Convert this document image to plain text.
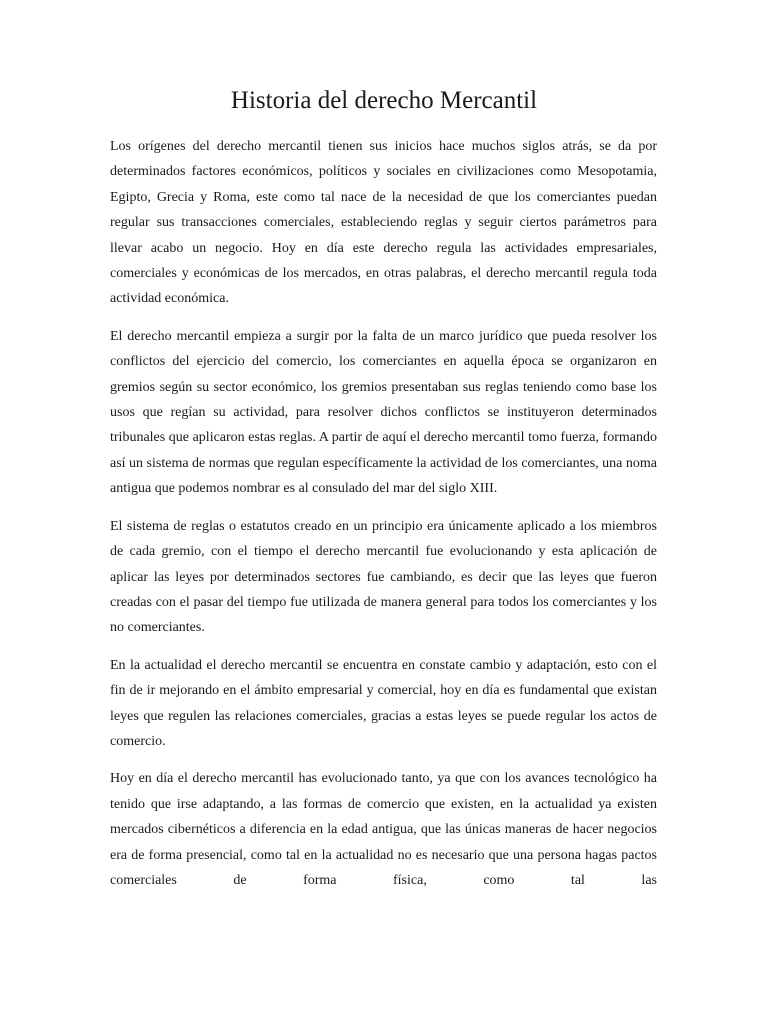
Historia del derecho Mercantil

Los orígenes del derecho mercantil tienen sus inicios hace muchos siglos atrás, se da por determinados factores económicos, políticos y sociales en civilizaciones como Mesopotamia, Egipto, Grecia y Roma, este como tal nace de la necesidad de que los comerciantes puedan regular sus transacciones comerciales, estableciendo reglas y seguir ciertos parámetros para llevar acabo un negocio. Hoy en día este derecho regula las actividades empresariales, comerciales y económicas de los mercados, en otras palabras, el derecho mercantil regula toda actividad económica.

El derecho mercantil empieza a surgir por la falta de un marco jurídico que pueda resolver los conflictos del ejercicio del comercio, los comerciantes en aquella época se organizaron en gremios según su sector económico, los gremios presentaban sus reglas teniendo como base los usos que regían su actividad, para resolver dichos conflictos se instituyeron determinados tribunales que aplicaron estas reglas. A partir de aquí el derecho mercantil tomo fuerza, formando así un sistema de normas que regulan específicamente la actividad de los comerciantes, una noma antigua que podemos nombrar es al consulado del mar del siglo XIII.

El sistema de reglas o estatutos creado en un principio era únicamente aplicado a los miembros de cada gremio, con el tiempo el derecho mercantil fue evolucionando y esta aplicación de aplicar las leyes por determinados sectores fue cambiando, es decir que las leyes que fueron creadas con el pasar del tiempo fue utilizada de manera general para todos los comerciantes y los no comerciantes.

En la actualidad el derecho mercantil se encuentra en constate cambio y adaptación, esto con el fin de ir mejorando en el ámbito empresarial y comercial, hoy en día es fundamental que existan leyes que regulen las relaciones comerciales, gracias a estas leyes se puede regular los actos de comercio.

Hoy en día el derecho mercantil has evolucionado tanto, ya que con los avances tecnológico ha tenido que irse adaptando, a las formas de comercio que existen, en la actualidad ya existen mercados cibernéticos a diferencia en la edad antigua, que las únicas maneras de hacer negocios era de forma presencial, como tal en la actualidad no es necesario que una persona hagas pactos comerciales de forma física, como tal las
